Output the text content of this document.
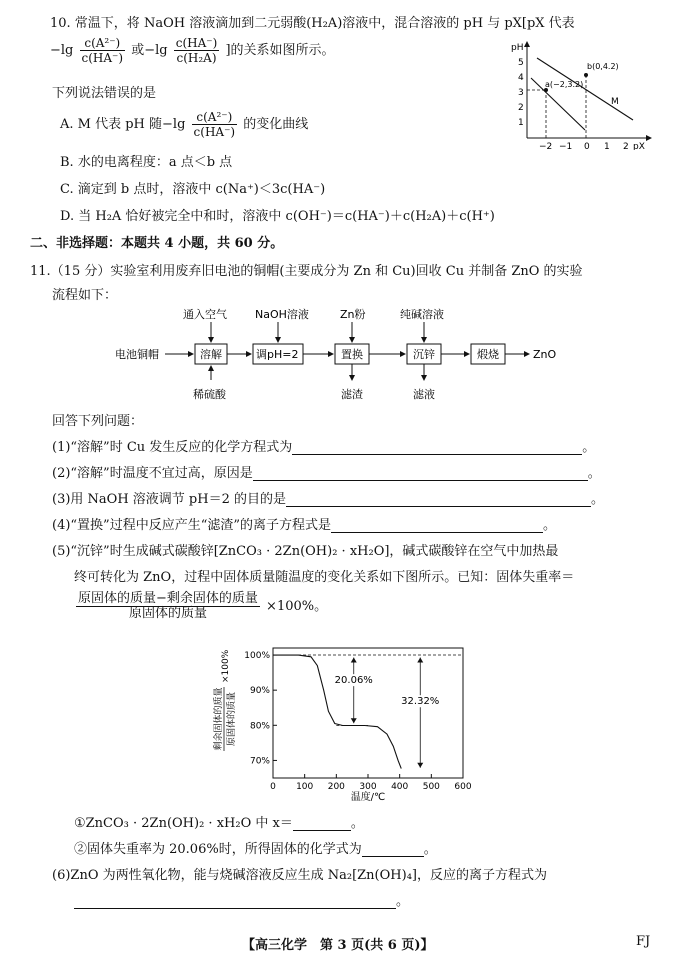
10. 常温下，将 NaOH 溶液滴加到二元弱酸(H₂A)溶液中，混合溶液的 pH 与 pX[pX 代表
$-\lg \frac{\text{c(A²⁻)}}{c(HA^-)}$ 或$-\lg \frac{c(HA^-)}{\text{c(H₂A)}}$ ]的关系如图所示。
下列说法错误的是
A. M 代表 pH 随$-\lg \frac{\text{c(A²⁻)}}{c(HA^-)}$ 的变化曲线
B. 水的电离程度：a 点＜b 点
C. 滴定到 b 点时，溶液中 c(Na⁺)＜3c(HA⁻)
D. 当 H₂A 恰好被完全中和时，溶液中 c(OH⁻)＝c(HA⁻)＋c(H₂A)＋c(H⁺)
pH
pX
1
2
3
4
5
−2 −1 0 1 2
a(−2,3.2)
b(0,4.2)
M
二、非选择题：本题共 4 小题，共 60 分。
11.（15 分）实验室利用废弃旧电池的铜帽(主要成分为 Zn 和 Cu)回收 Cu 并制备 ZnO 的实验
流程如下：
电池铜帽	溶解	调pH=2	置换	沉锌	煅烧	ZnO
通入空气	NaOH溶液	Zn粉	纯碱溶液
稀硫酸	滤渣	滤液
回答下列问题：
(1)“溶解”时 Cu 发生反应的化学方程式为	。
(2)“溶解”时温度不宜过高，原因是	。
(3)用 NaOH 溶液调节 pH＝2 的目的是	。
(4)“置换”过程中反应产生“滤渣”的离子方程式是	。
(5)“沉锌”时生成碱式碳酸锌[ZnCO₃ · 2Zn(OH)₂ · xH₂O]，碱式碳酸锌在空气中加热最
终可转化为 ZnO，过程中固体质量随温度的变化关系如下图所示。已知：固体失重率＝
$\frac{\text{原固体的质量−剩余固体的质量}}{\text{原固体的质量}} \times 100\%$。
100%
90%
80%
70%
0 100 200 300 400 500 600
20.06%
32.32%
温度/℃
剩余固体的质量 原固体的质量
×100%
①ZnCO₃ · 2Zn(OH)₂ · xH₂O 中 x＝	。
②固体失重率为 20.06%时，所得固体的化学式为	。
(6)ZnO 为两性氧化物，能与烧碱溶液反应生成 Na₂[Zn(OH)₄]，反应的离子方程式为
。
【高三化学　第 3 页(共 6 页)】	FJ
